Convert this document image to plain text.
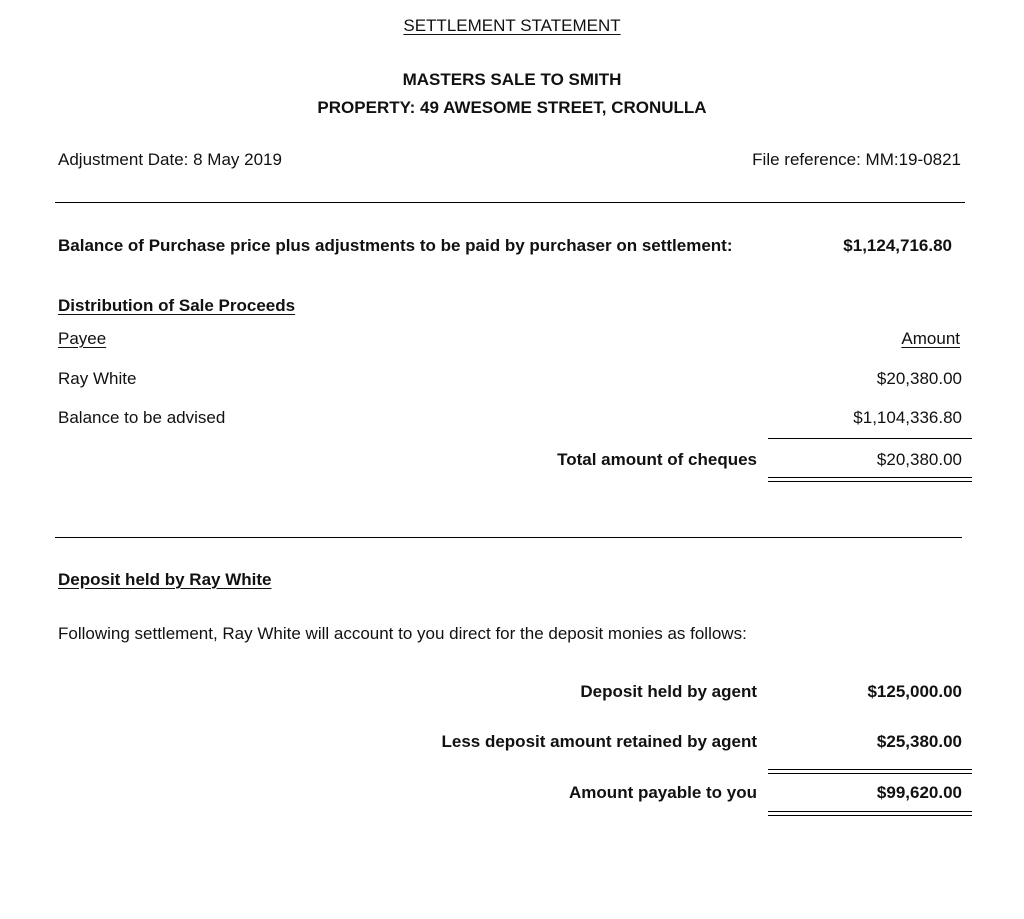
SETTLEMENT STATEMENT
MASTERS SALE TO SMITH
PROPERTY: 49 AWESOME STREET, CRONULLA
Adjustment Date: 8 May 2019	File reference: MM:19-0821
Balance of Purchase price plus adjustments to be paid by purchaser on settlement:	$1,124,716.80
Distribution of Sale Proceeds
Payee	Amount
Ray White	$20,380.00
Balance to be advised	$1,104,336.80
Total amount of cheques	$20,380.00
Deposit held by Ray White
Following settlement, Ray White will account to you direct for the deposit monies as follows:
Deposit held by agent	$125,000.00
Less deposit amount retained by agent	$25,380.00
Amount payable to you	$99,620.00
